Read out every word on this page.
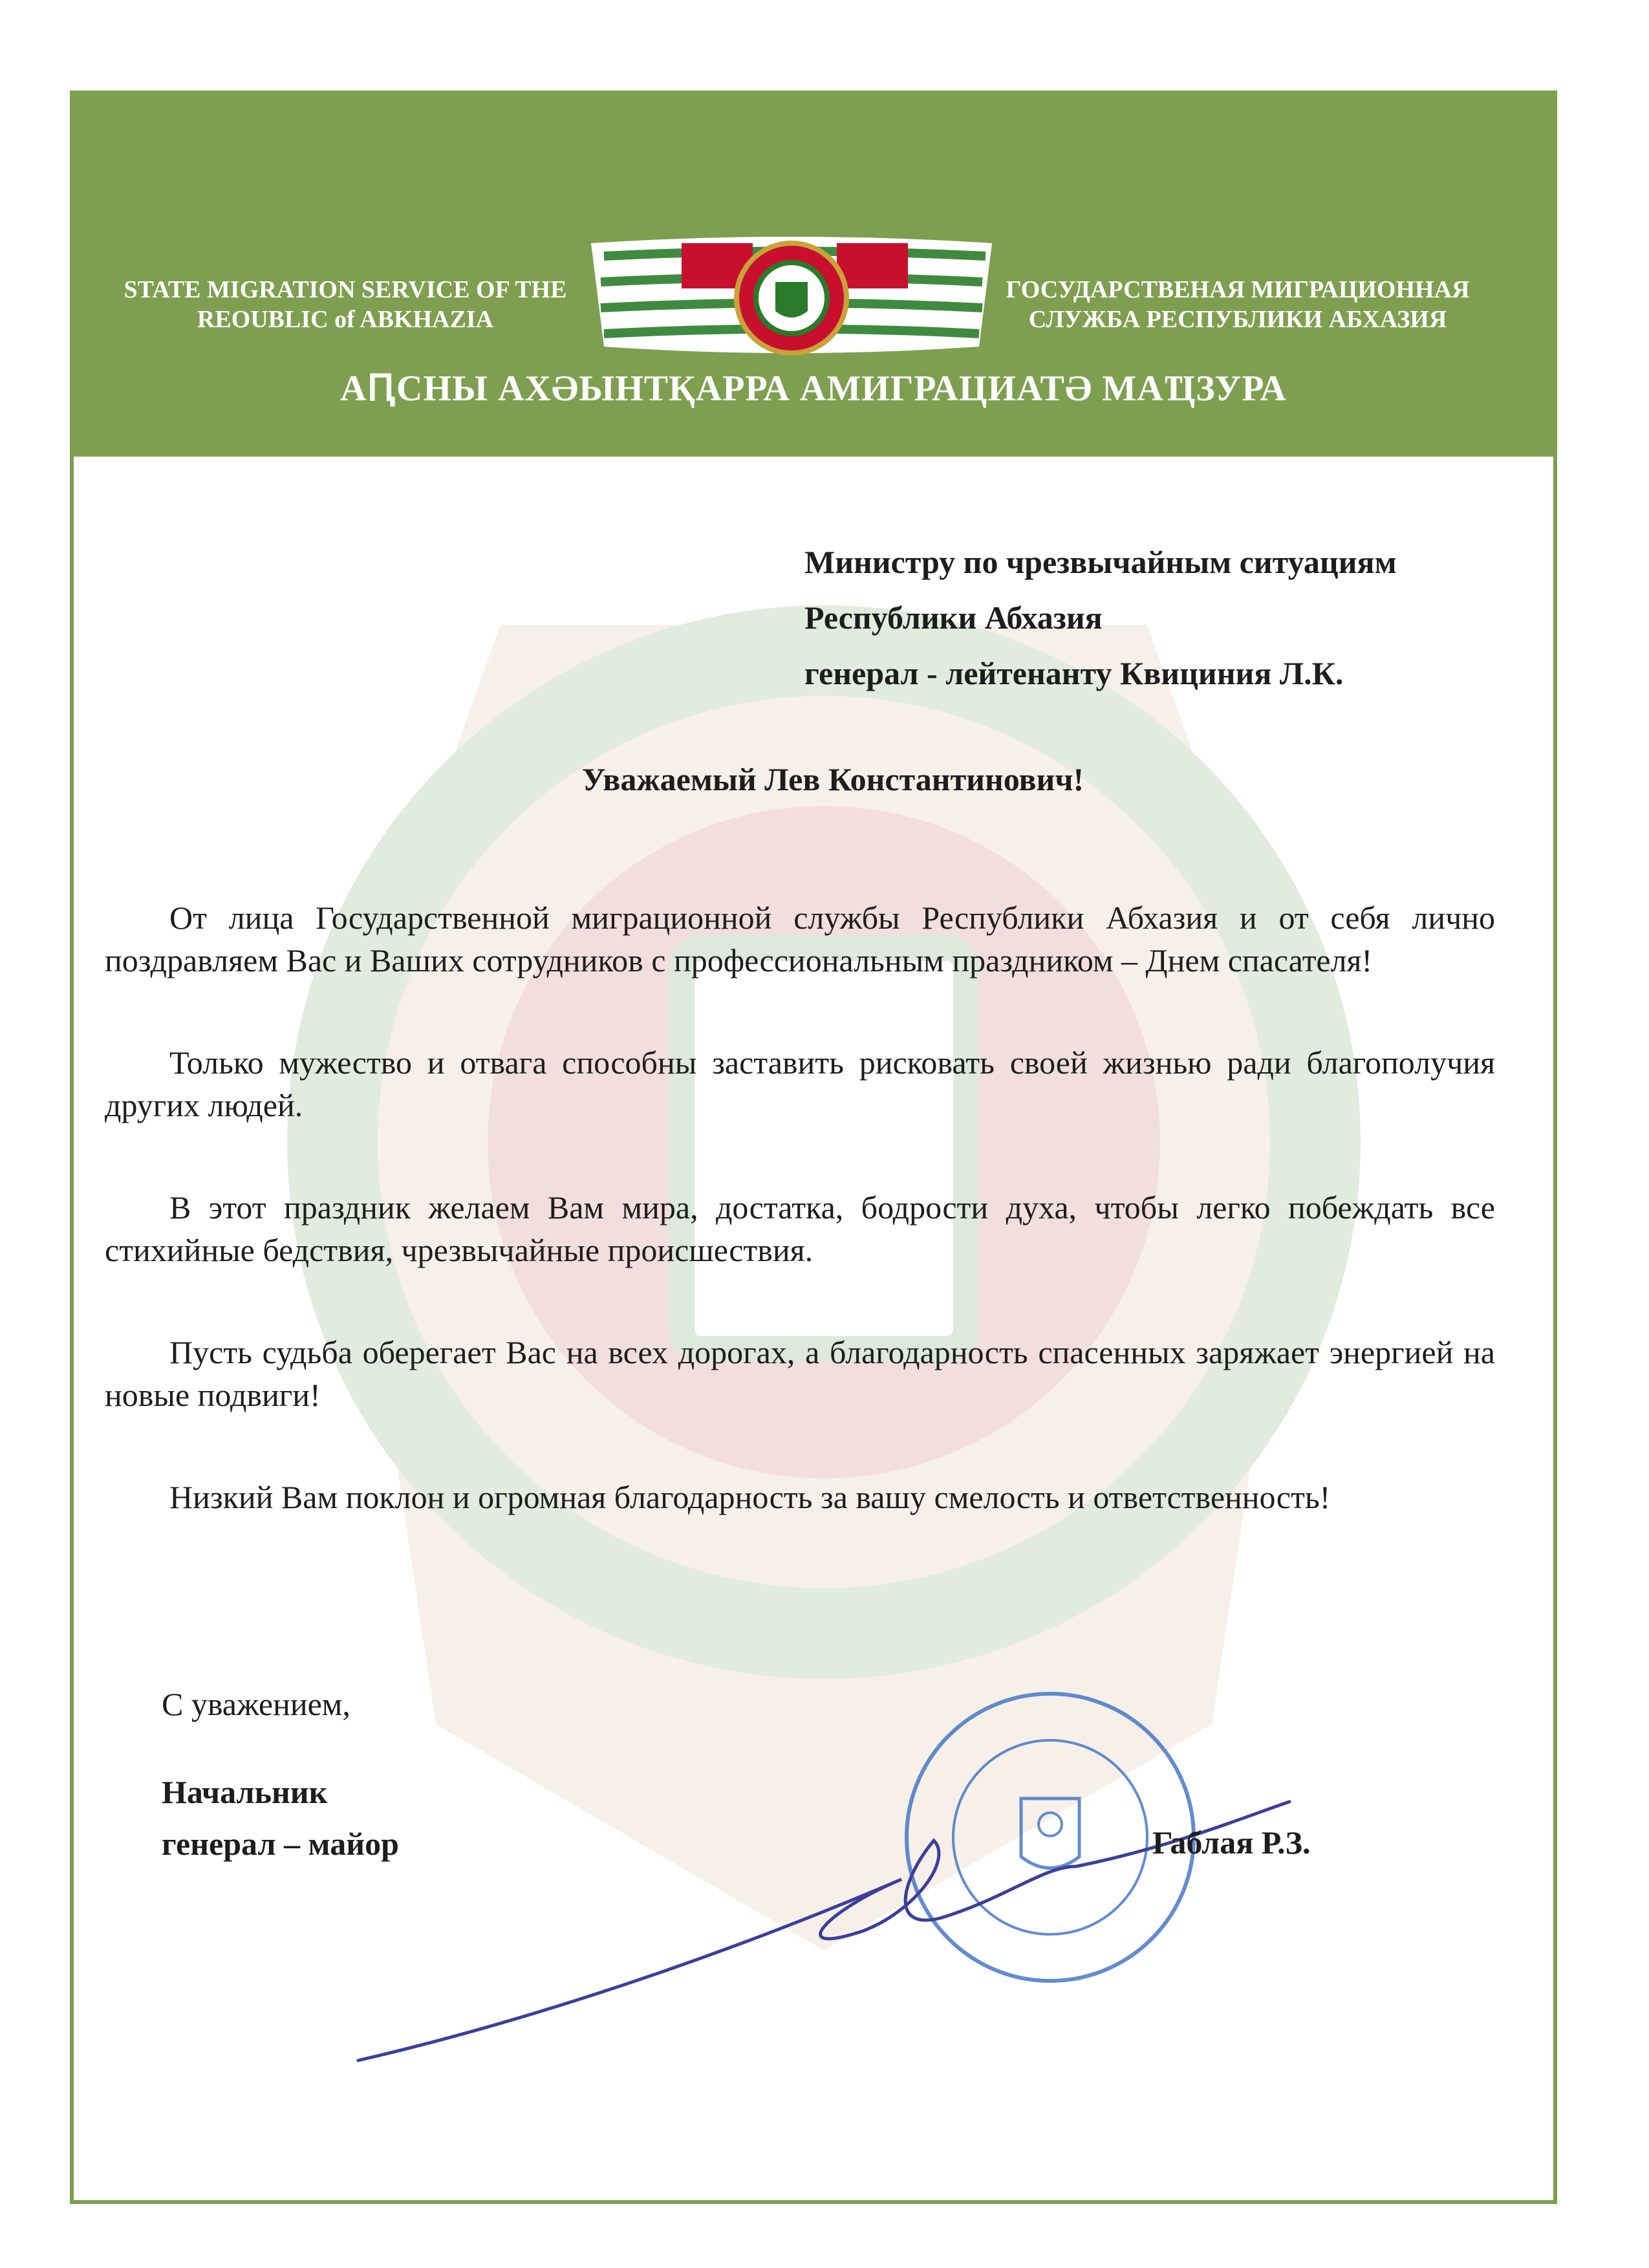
STATE MIGRATION SERVICE OF THE REOUBLIC of ABKHAZIA
ГОСУДАРСТВЕНАЯ МИГРАЦИОННАЯ СЛУЖБА РЕСПУБЛИКИ АБХАЗИЯ
АԤСНЫ АХӘЫНТҚАРРА АМИГРАЦИАТӘ МАҴЗУРА
Министру по чрезвычайным ситуациям
Республики Абхазия
генерал - лейтенанту Квициния Л.К.
Уважаемый Лев Константинович!

От лица Государственной миграционной службы Республики Абхазия и от себя лично поздравляем Вас и Ваших сотрудников с профессиональным праздником – Днем спасателя!

Только мужество и отвага способны заставить рисковать своей жизнью ради благополучия других людей.

В этот праздник желаем Вам мира, достатка, бодрости духа, чтобы легко побеждать все стихийные бедствия, чрезвычайные происшествия.

Пусть судьба оберегает Вас на всех дорогах, а благодарность спасенных заряжает энергией на новые подвиги!

Низкий Вам поклон и огромная благодарность за вашу смелость и ответственность!

С уважением,
Начальник
генерал – майор	Габлая Р.З.
